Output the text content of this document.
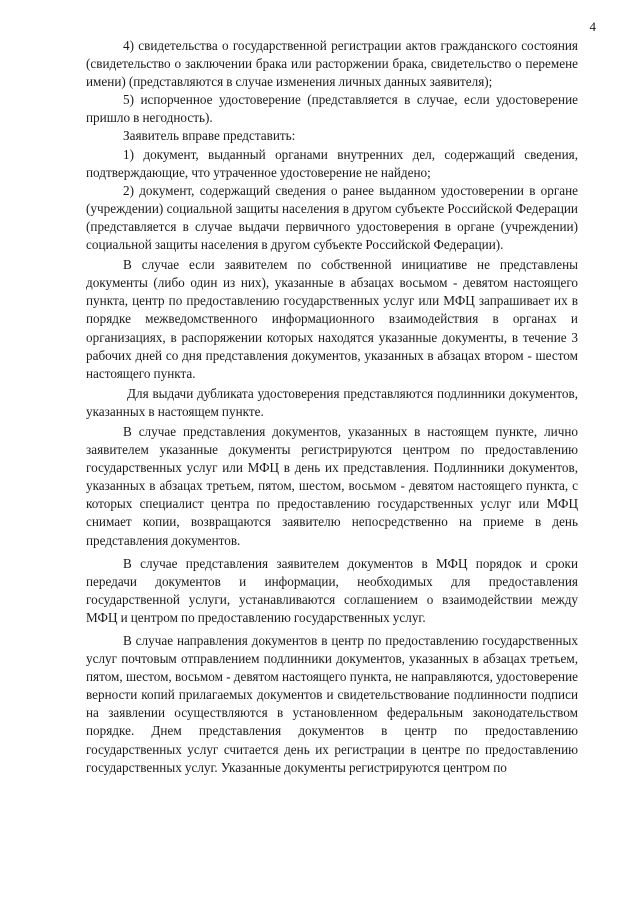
4

4) свидетельства о государственной регистрации актов гражданского состояния (свидетельство о заключении брака или расторжении брака, свидетельство о перемене имени) (представляются в случае изменения личных данных заявителя);

5) испорченное удостоверение (представляется в случае, если удостоверение пришло в негодность).

Заявитель вправе представить:

1) документ, выданный органами внутренних дел, содержащий сведения, подтверждающие, что утраченное удостоверение не найдено;

2) документ, содержащий сведения о ранее выданном удостоверении в органе (учреждении) социальной защиты населения в другом субъекте Российской Федерации (представляется в случае выдачи первичного удостоверения в органе (учреждении) социальной защиты населения в другом субъекте Российской Федерации).

В случае если заявителем по собственной инициативе не представлены документы (либо один из них), указанные в абзацах восьмом - девятом настоящего пункта, центр по предоставлению государственных услуг или МФЦ запрашивает их в порядке межведомственного информационного взаимодействия в органах и организациях, в распоряжении которых находятся указанные документы, в течение 3 рабочих дней со дня представления документов, указанных в абзацах втором - шестом настоящего пункта.

Для выдачи дубликата удостоверения представляются подлинники документов, указанных в настоящем пункте.

В случае представления документов, указанных в настоящем пункте, лично заявителем указанные документы регистрируются центром по предоставлению государственных услуг или МФЦ в день их представления. Подлинники документов, указанных в абзацах третьем, пятом, шестом, восьмом - девятом настоящего пункта, с которых специалист центра по предоставлению государственных услуг или МФЦ снимает копии, возвращаются заявителю непосредственно на приеме в день представления документов.

В случае представления заявителем документов в МФЦ порядок и сроки передачи документов и информации, необходимых для предоставления государственной услуги, устанавливаются соглашением о взаимодействии между МФЦ и центром по предоставлению государственных услуг.

В случае направления документов в центр по предоставлению государственных услуг почтовым отправлением подлинники документов, указанных в абзацах третьем, пятом, шестом, восьмом - девятом настоящего пункта, не направляются, удостоверение верности копий прилагаемых документов и свидетельствование подлинности подписи на заявлении осуществляются в установленном федеральным законодательством порядке. Днем представления документов в центр по предоставлению государственных услуг считается день их регистрации в центре по предоставлению государственных услуг. Указанные документы регистрируются центром по
